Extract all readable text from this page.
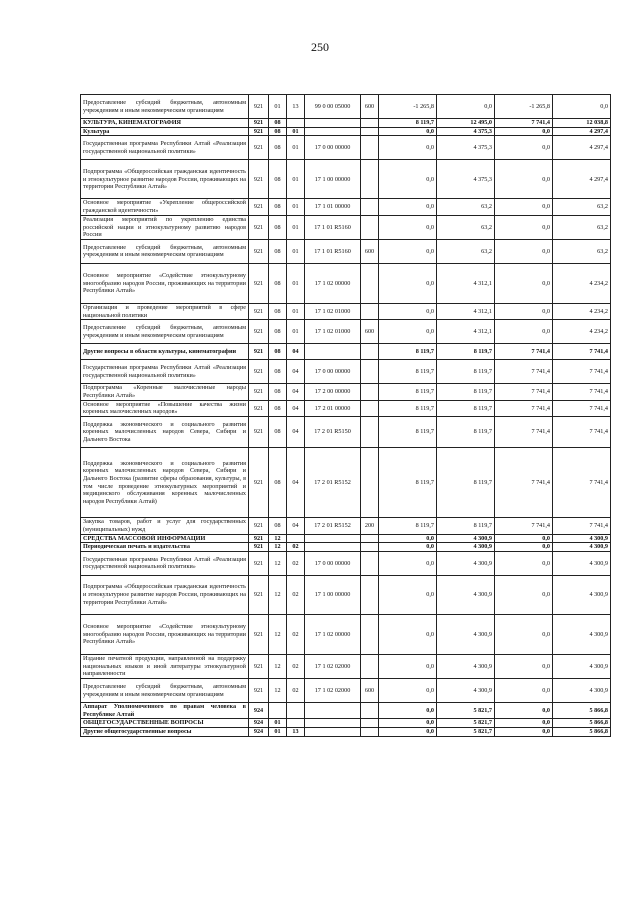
250
Предоставление субсидий бюджетным, автономным учреждениям и иным некоммерческим организациям	921	01	13	99 0 00 05000	600	-1 265,8	0,0	-1 265,8	0,0
КУЛЬТУРА, КИНЕМАТОГРАФИЯ	921	08				8 119,7	12 495,0	7 741,4	12 038,8
Культура	921	08	01			0,0	4 375,3	0,0	4 297,4
Государственная программа Республики Алтай «Реализация государственной национальной политики»	921	08	01	17 0 00 00000		0,0	4 375,3	0,0	4 297,4
Подпрограмма «Общероссийская гражданская идентичность и этнокультурное развитие народов России, проживающих на территории Республики Алтай»	921	08	01	17 1 00 00000		0,0	4 375,3	0,0	4 297,4
Основное мероприятие «Укрепление общероссийской гражданской идентичности»	921	08	01	17 1 01 00000		0,0	63,2	0,0	63,2
Реализация мероприятий по укреплению единства российской нации и этнокультурному развитию народов России	921	08	01	17 1 01 R5160		0,0	63,2	0,0	63,2
Предоставление субсидий бюджетным, автономным учреждениям и иным некоммерческим организациям	921	08	01	17 1 01 R5160	600	0,0	63,2	0,0	63,2
Основное мероприятие «Содействие этнокультурному многообразию народов России, проживающих на территории Республики Алтай»	921	08	01	17 1 02 00000		0,0	4 312,1	0,0	4 234,2
Организация и проведение мероприятий в сфере национальной политики	921	08	01	17 1 02 01000		0,0	4 312,1	0,0	4 234,2
Предоставление субсидий бюджетным, автономным учреждениям и иным некоммерческим организациям	921	08	01	17 1 02 01000	600	0,0	4 312,1	0,0	4 234,2
Другие вопросы в области культуры, кинематографии	921	08	04			8 119,7	8 119,7	7 741,4	7 741,4
Государственная программа Республики Алтай «Реализация государственной национальной политики»	921	08	04	17 0 00 00000		8 119,7	8 119,7	7 741,4	7 741,4
Подпрограмма «Коренные малочисленные народы Республики Алтай»	921	08	04	17 2 00 00000		8 119,7	8 119,7	7 741,4	7 741,4
Основное мероприятие «Повышение качества жизни коренных малочисленных народов»	921	08	04	17 2 01 00000		8 119,7	8 119,7	7 741,4	7 741,4
Поддержка экономического и социального развития коренных малочисленных народов Севера, Сибири и Дальнего Востока	921	08	04	17 2 01 R5150		8 119,7	8 119,7	7 741,4	7 741,4
Поддержка экономического и социального развития коренных малочисленных народов Севера, Сибири и Дальнего Востока (развитие сферы образования, культуры, в том числе проведение этнокультурных мероприятий и медицинского обслуживания коренных малочисленных народов Республики Алтай)	921	08	04	17 2 01 R5152		8 119,7	8 119,7	7 741,4	7 741,4
Закупка товаров, работ и услуг для государственных (муниципальных) нужд	921	08	04	17 2 01 R5152	200	8 119,7	8 119,7	7 741,4	7 741,4
СРЕДСТВА МАССОВОЙ ИНФОРМАЦИИ	921	12				0,0	4 300,9	0,0	4 300,9
Периодическая печать и издательства	921	12	02			0,0	4 300,9	0,0	4 300,9
Государственная программа Республики Алтай «Реализация государственной национальной политики»	921	12	02	17 0 00 00000		0,0	4 300,9	0,0	4 300,9
Подпрограмма «Общероссийская гражданская идентичность и этнокультурное развитие народов России, проживающих на территории Республики Алтай»	921	12	02	17 1 00 00000		0,0	4 300,9	0,0	4 300,9
Основное мероприятие «Содействие этнокультурному многообразию народов России, проживающих на территории Республики Алтай»	921	12	02	17 1 02 00000		0,0	4 300,9	0,0	4 300,9
Издание печатной продукции, направленной на поддержку национальных языков и иной литературы этнокультурной направленности	921	12	02	17 1 02 02000		0,0	4 300,9	0,0	4 300,9
Предоставление субсидий бюджетным, автономным учреждениям и иным некоммерческим организациям	921	12	02	17 1 02 02000	600	0,0	4 300,9	0,0	4 300,9
Аппарат Уполномоченного по правам человека в Республике Алтай	924					0,0	5 821,7	0,0	5 866,8
ОБЩЕГОСУДАРСТВЕННЫЕ ВОПРОСЫ	924	01				0,0	5 821,7	0,0	5 866,8
Другие общегосударственные вопросы	924	01	13			0,0	5 821,7	0,0	5 866,8
